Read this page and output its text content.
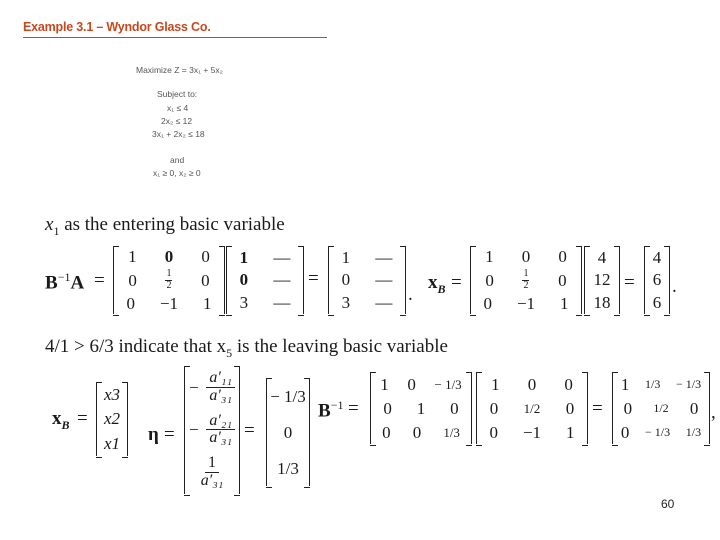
Example 3.1 – Wyndor Glass Co.
Maximize Z = 3x₁ + 5x₂
Subject to:
x₁ ≤ 4
2x₂ ≤ 12
3x₁ + 2x₂ ≤ 18
and
x₁ ≥ 0, x₂ ≥ 0
$x_1$ as the entering basic variable
$B^{-1}A$ =
1 0 0
0	$\frac{1}{2} 0$
0 −1 1
1 —
0 —
3 —
=
1 —
0 —
3 — .
$x_B$ =
1 0 0
0	$\frac{1}{2} 0$
0 −1 1
4
12
18
=
4
6
6
.
4/1 > 6/3 indicate that $x_5$ is the leaving basic variable
$x_B$ =
x3
x2
x1 η =
− $\frac{\text{a′₁₁}}{\text{a′₃₁}}$
− $\frac{\text{a′₂₁}}{\text{a′₃₁}}$
$\frac{1}{\text{a′₃₁}}$
=
− 1/3
0
1/3
$B^{-1}$ =
1 0 − 1/3
0 1 0
0 0 1/3
1 0 0
0 1/2 0
0 −1 1
=
1 1/3 − 1/3
0 1/2 0
0 − 1/3 1/3
,
60
